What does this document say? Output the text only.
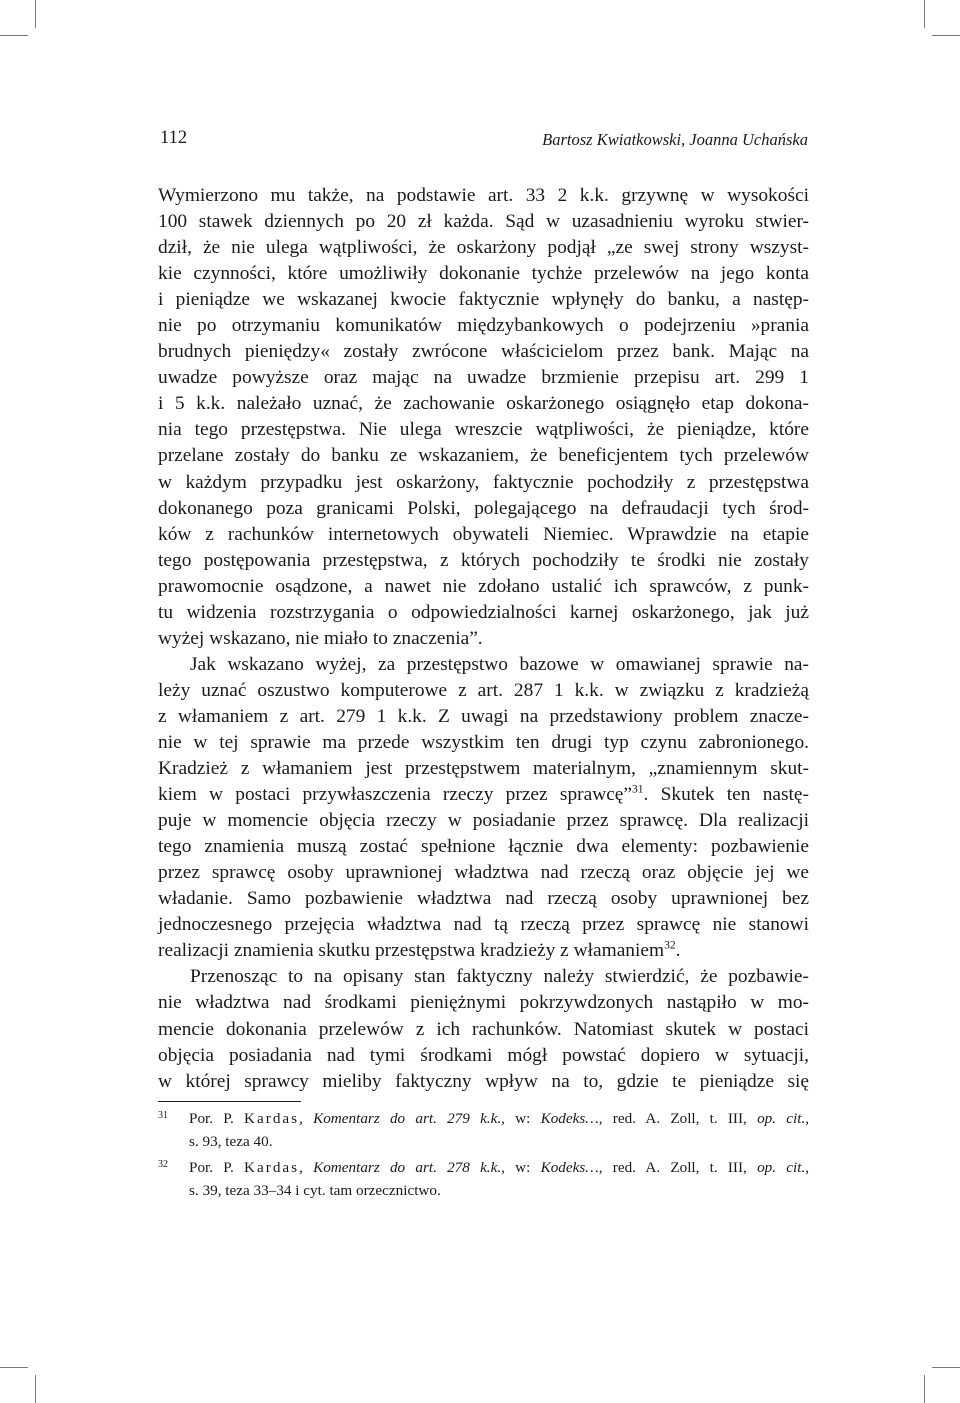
112	Bartosz Kwiatkowski, Joanna Uchańska
Wymierzono mu także, na podstawie art. 33 2 k.k. grzywnę w wysokości
100 stawek dziennych po 20 zł każda. Sąd w uzasadnieniu wyroku stwier-
dził, że nie ulega wątpliwości, że oskarżony podjął „ze swej strony wszyst-
kie czynności, które umożliwiły dokonanie tychże przelewów na jego konta
i pieniądze we wskazanej kwocie faktycznie wpłynęły do banku, a następ-
nie po otrzymaniu komunikatów międzybankowych o podejrzeniu »prania
brudnych pieniędzy« zostały zwrócone właścicielom przez bank. Mając na
uwadze powyższe oraz mając na uwadze brzmienie przepisu art. 299 1
i 5 k.k. należało uznać, że zachowanie oskarżonego osiągnęło etap dokona-
nia tego przestępstwa. Nie ulega wreszcie wątpliwości, że pieniądze, które
przelane zostały do banku ze wskazaniem, że beneficjentem tych przelewów
w każdym przypadku jest oskarżony, faktycznie pochodziły z przestępstwa
dokonanego poza granicami Polski, polegającego na defraudacji tych środ-
ków z rachunków internetowych obywateli Niemiec. Wprawdzie na etapie
tego postępowania przestępstwa, z których pochodziły te środki nie zostały
prawomocnie osądzone, a nawet nie zdołano ustalić ich sprawców, z punk-
tu widzenia rozstrzygania o odpowiedzialności karnej oskarżonego, jak już
wyżej wskazano, nie miało to znaczenia”.
Jak wskazano wyżej, za przestępstwo bazowe w omawianej sprawie na-
leży uznać oszustwo komputerowe z art. 287 1 k.k. w związku z kradzieżą
z włamaniem z art. 279 1 k.k. Z uwagi na przedstawiony problem znacze-
nie w tej sprawie ma przede wszystkim ten drugi typ czynu zabronionego.
Kradzież z włamaniem jest przestępstwem materialnym, „znamiennym skut-
kiem w postaci przywłaszczenia rzeczy przez sprawcę”$^{31}$. Skutek ten nastę-
puje w momencie objęcia rzeczy w posiadanie przez sprawcę. Dla realizacji
tego znamienia muszą zostać spełnione łącznie dwa elementy: pozbawienie
przez sprawcę osoby uprawnionej władztwa nad rzeczą oraz objęcie jej we
władanie. Samo pozbawienie władztwa nad rzeczą osoby uprawnionej bez
jednoczesnego przejęcia władztwa nad tą rzeczą przez sprawcę nie stanowi
realizacji znamienia skutku przestępstwa kradzieży z włamaniem$^{32}$.
Przenosząc to na opisany stan faktyczny należy stwierdzić, że pozbawie-
nie władztwa nad środkami pieniężnymi pokrzywdzonych nastąpiło w mo-
mencie dokonania przelewów z ich rachunków. Natomiast skutek w postaci
objęcia posiadania nad tymi środkami mógł powstać dopiero w sytuacji,
w której sprawcy mieliby faktyczny wpływ na to, gdzie te pieniądze się
31 Por. P. Kardas, Komentarz do art. 279 k.k., w: Kodeks…, red. A. Zoll, t. III, op. cit.,
s. 93, teza 40.
32 Por. P. Kardas, Komentarz do art. 278 k.k., w: Kodeks…, red. A. Zoll, t. III, op. cit.,
s. 39, teza 33–34 i cyt. tam orzecznictwo.
